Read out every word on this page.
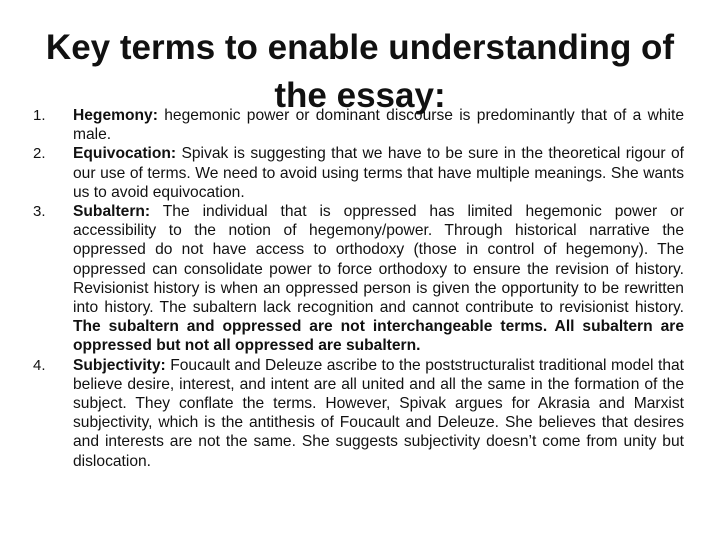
Key terms to enable understanding of the essay:
1. Hegemony: hegemonic power or dominant discourse is predominantly that of a white male.
2. Equivocation: Spivak is suggesting that we have to be sure in the theoretical rigour of our use of terms. We need to avoid using terms that have multiple meanings. She wants us to avoid equivocation.
3. Subaltern: The individual that is oppressed has limited hegemonic power or accessibility to the notion of hegemony/power. Through historical narrative the oppressed do not have access to orthodoxy (those in control of hegemony). The oppressed can consolidate power to force orthodoxy to ensure the revision of history. Revisionist history is when an oppressed person is given the opportunity to be rewritten into history. The subaltern lack recognition and cannot contribute to revisionist history. The subaltern and oppressed are not interchangeable terms. All subaltern are oppressed but not all oppressed are subaltern.
4. Subjectivity: Foucault and Deleuze ascribe to the poststructuralist traditional model that believe desire, interest, and intent are all united and all the same in the formation of the subject. They conflate the terms. However, Spivak argues for Akrasia and Marxist subjectivity, which is the antithesis of Foucault and Deleuze. She believes that desires and interests are not the same. She suggests subjectivity doesn’t come from unity but dislocation.
